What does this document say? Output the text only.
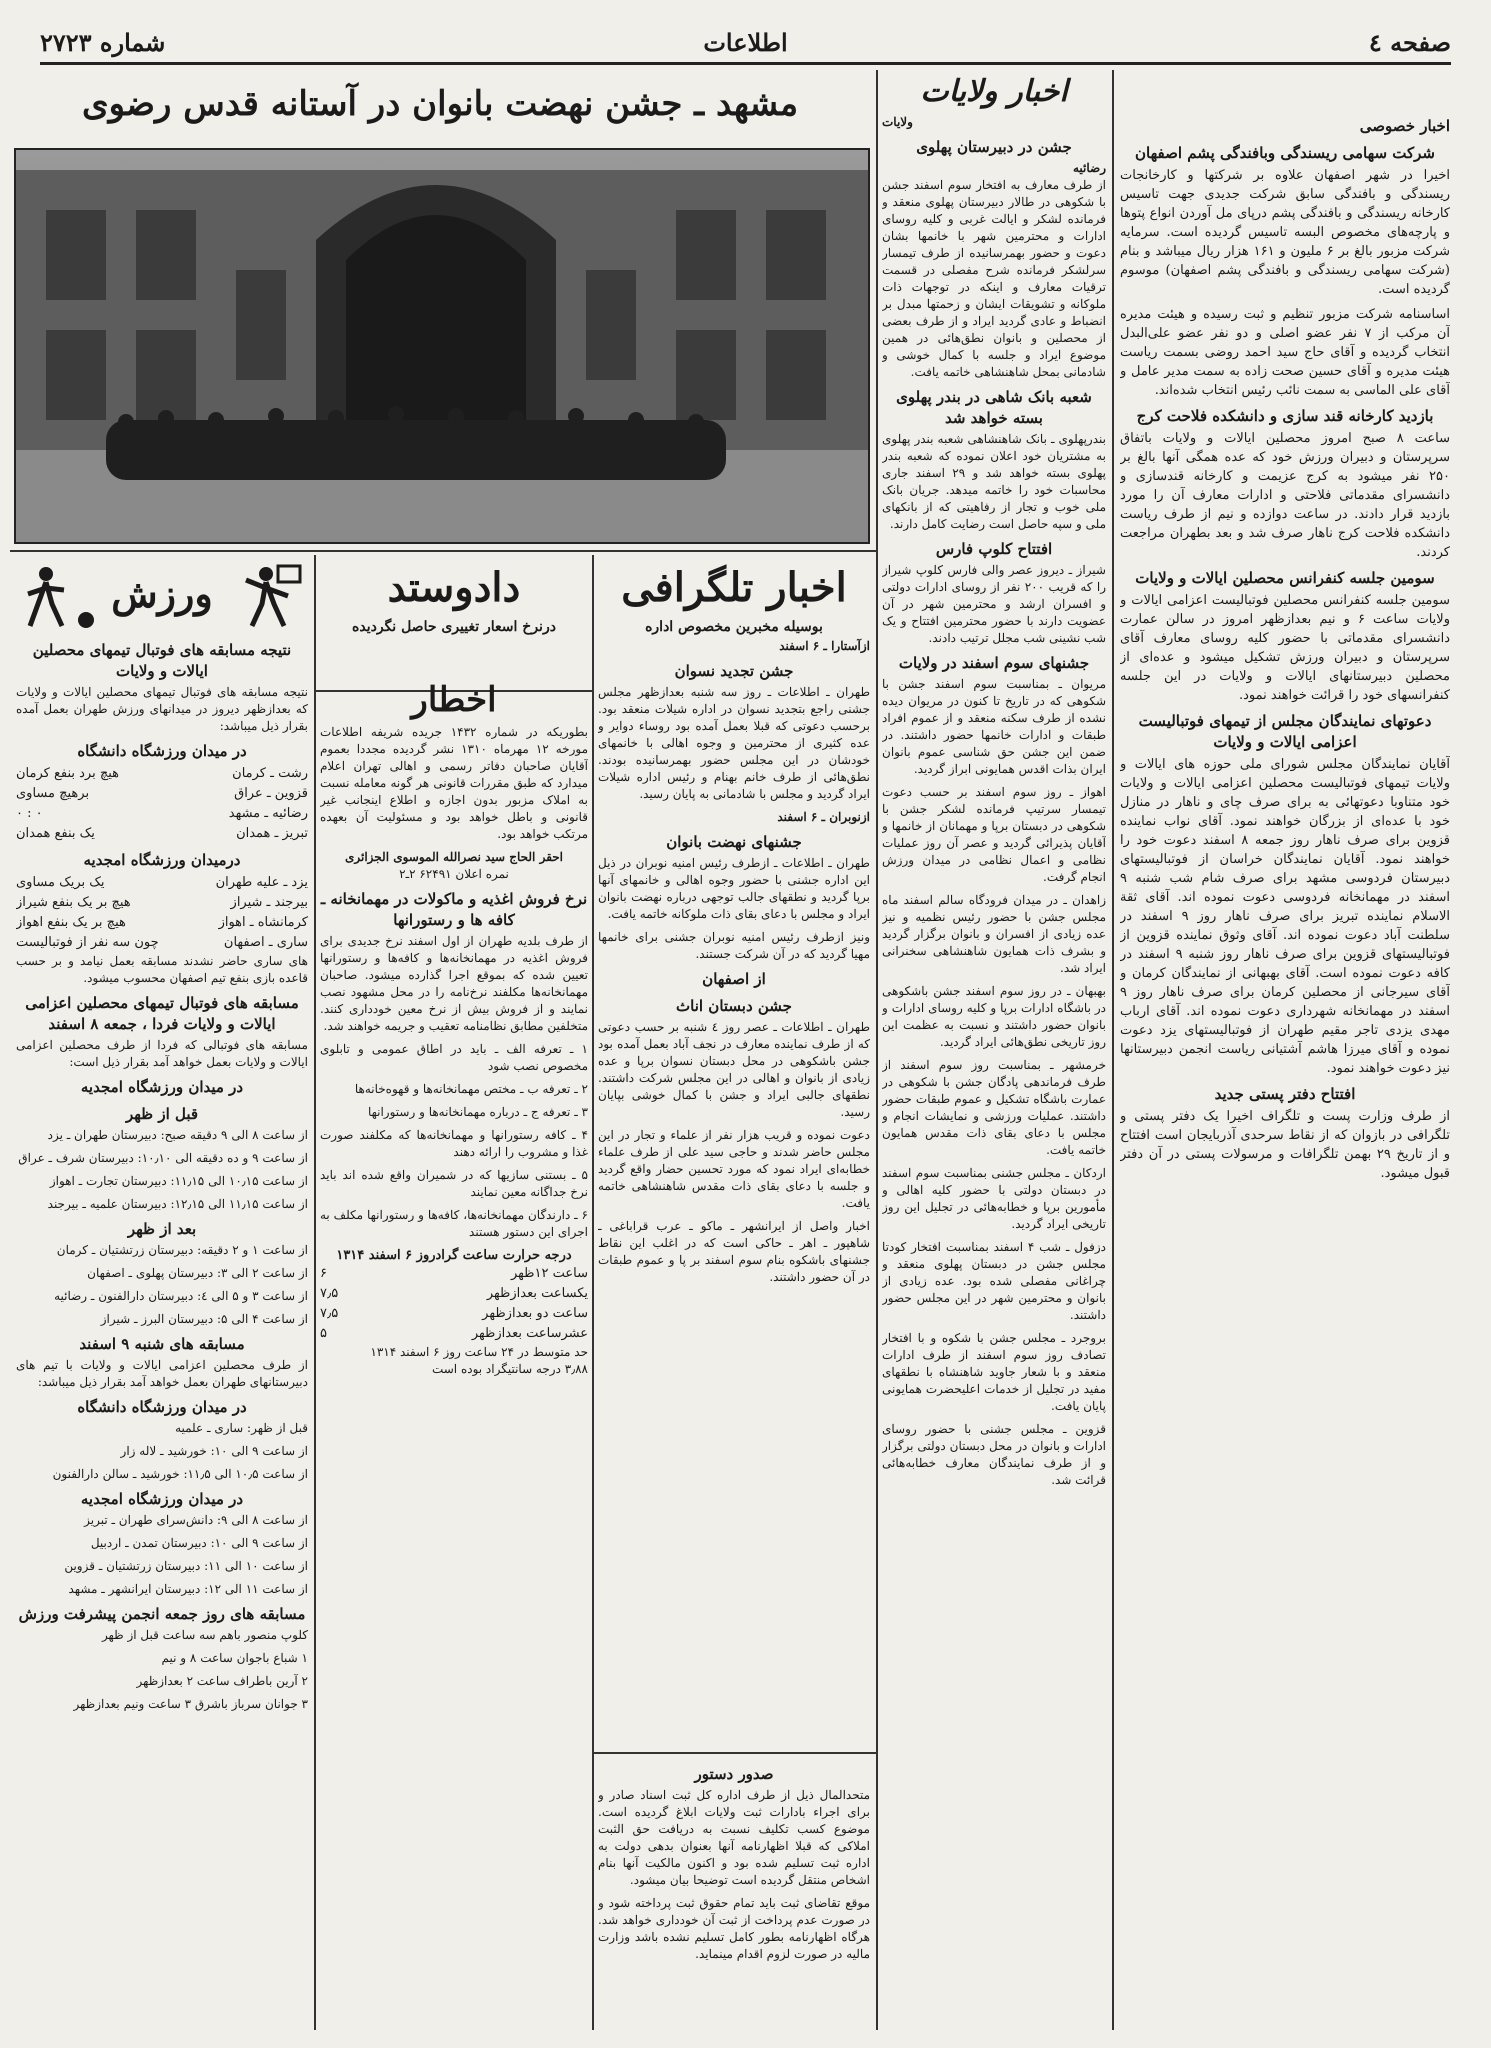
صفحه ٤
اطلاعات
شماره ۲۷۲۳
مشهد ـ جشن نهضت بانوان در آستانه قدس رضوی
اخبار خصوصی
شرکت سهامی ریسندگی وبافندگی پشم اصفهان

اخیرا در شهر اصفهان علاوه بر شرکتها و کارخانجات ریسندگی و بافندگی سابق شرکت جدیدی جهت تاسیس کارخانه ریسندگی و بافندگی پشم درپای مل آوردن انواع پتوها و پارچه‌های مخصوص البسه تاسیس گردیده است. سرمایه شرکت مزبور بالغ بر ۶ ملیون و ۱۶۱ هزار ریال میباشد و بنام (شرکت سهامی ریسندگی و بافندگی پشم اصفهان) موسوم گردیده است.

اساسنامه شرکت مزبور تنظیم و ثبت رسیده و هیئت مدیره آن مرکب از ۷ نفر عضو اصلی و دو نفر عضو علی‌البدل انتخاب گردیده و آقای حاج سید احمد روضی بسمت ریاست هیئت مدیره و آقای حسین صحت زاده به سمت مدیر عامل و آقای علی الماسی به سمت نائب رئیس انتخاب شده‌اند.

بازدید کارخانه قند سازی و دانشکده فلاحت کرج

ساعت ۸ صبح امروز محصلین ایالات و ولایات باتفاق سرپرستان و دبیران ورزش خود که عده همگی آنها بالغ بر ۲۵۰ نفر میشود به کرج عزیمت و کارخانه قندسازی و دانشسرای مقدماتی فلاحتی و ادارات معارف آن را مورد بازدید قرار دادند. در ساعت دوازده و نیم از طرف ریاست دانشکده فلاحت کرج ناهار صرف شد و بعد بطهران مراجعت کردند.

سومین جلسه کنفرانس محصلین ایالات و ولایات

سومین جلسه کنفرانس محصلین فوتبالیست اعزامی ایالات و ولایات ساعت ۶ و نیم بعدازظهر امروز در سالن عمارت دانشسرای مقدماتی با حضور کلیه روسای معارف آقای سرپرستان و دبیران ورزش تشکیل میشود و عده‌ای از محصلین دبیرستانهای ایالات و ولایات در این جلسه کنفرانسهای خود را قرائت خواهند نمود.

دعوتهای نمایندگان مجلس از تیمهای فوتبالیست اعزامی ایالات و ولایات

آقایان نمایندگان مجلس شورای ملی حوزه های ایالات و ولایات تیمهای فوتبالیست محصلین اعزامی ایالات و ولایات خود متناوبا دعوتهائی به برای صرف چای و ناهار در منازل خود با عده‌ای از بزرگان خواهند نمود. آقای نواب نماینده قزوین برای صرف ناهار روز جمعه ۸ اسفند دعوت خود را خواهند نمود. آقایان نمایندگان خراسان از فوتبالیستهای دبیرستان فردوسی مشهد برای صرف شام شب شنبه ۹ اسفند در مهمانخانه فردوسی دعوت نموده اند. آقای ثقة الاسلام نماینده تبریز برای صرف ناهار روز ۹ اسفند در سلطنت آباد دعوت نموده اند. آقای وثوق نماینده قزوین از فوتبالیستهای قزوین برای صرف ناهار روز شنبه ۹ اسفند در کافه دعوت نموده است. آقای بهبهانی از نمایندگان کرمان و آقای سیرجانی از محصلین کرمان برای صرف ناهار روز ۹ اسفند در مهمانخانه شهرداری دعوت نموده اند. آقای ارباب مهدی یزدی تاجر مقیم طهران از فوتبالیستهای یزد دعوت نموده و آقای میرزا هاشم آشتیانی ریاست انجمن دبیرستانها نیز دعوت خواهند نمود.

افتتاح دفتر پستی جدید

از طرف وزارت پست و تلگراف اخیرا یک دفتر پستی و تلگرافی در بازوان که از نقاط سرحدی آذربایجان است افتتاح و از تاریخ ۲۹ بهمن تلگرافات و مرسولات پستی در آن دفتر قبول میشود.

اخبار ولایات
ولایات
جشن در دبیرستان پهلوی
رضائیه

از طرف معارف به افتخار سوم اسفند جشن با شکوهی در طالار دبیرستان پهلوی منعقد و فرمانده لشکر و ایالت غربی و کلیه روسای ادارات و محترمین شهر با خانمها بشان دعوت و حضور بهمرسانیده از طرف تیمسار سرلشکر فرمانده شرح مفصلی در قسمت ترقیات معارف و اینکه در توجهات ذات ملوکانه و تشویقات ایشان و زحمتها مبدل بر انضباط و عادی گردید ایراد و از طرف بعضی از محصلین و بانوان نطق‌هائی در همین موضوع ایراد و جلسه با کمال خوشی و شادمانی بمحل شاهنشاهی خاتمه یافت.

شعبه بانک شاهی در بندر پهلوی بسته خواهد شد

بندرپهلوی ـ بانک شاهنشاهی شعبه بندر پهلوی به مشتریان خود اعلان نموده که شعبه بندر پهلوی بسته خواهد شد و ۲۹ اسفند جاری محاسبات خود را خاتمه میدهد. جریان بانک ملی خوب و تجار از رفاهیتی که از بانکهای ملی و سپه حاصل است رضایت کامل دارند.

افتتاح کلوپ فارس

شیراز ـ دیروز عصر والی فارس کلوپ شیراز را که قریب ۲۰۰ نفر از روسای ادارات دولتی و افسران ارشد و محترمین شهر در آن عضویت دارند با حضور محترمین افتتاح و یک شب نشینی شب مجلل ترتیب دادند.

جشنهای سوم اسفند در ولایات

مریوان ـ بمناسبت سوم اسفند جشن با شکوهی که در تاریخ تا کنون در مریوان دیده نشده از طرف سکنه منعقد و از عموم افراد طبقات و ادارات خانمها حضور داشتند. در ضمن این جشن حق شناسی عموم بانوان ایران بذات اقدس همایونی ابراز گردید.

اهواز ـ روز سوم اسفند بر حسب دعوت تیمسار سرتیپ فرمانده لشکر جشن با شکوهی در دبستان برپا و مهمانان از خانمها و آقایان پذیرائی گردید و عصر آن روز عملیات نظامی و اعمال نظامی در میدان ورزش انجام گرفت.

زاهدان ـ در میدان فرودگاه سالم اسفند ماه مجلس جشن با حضور رئیس نظمیه و نیز عده زیادی از افسران و بانوان برگزار گردید و بشرف ذات همایون شاهنشاهی سخنرانی ایراد شد.

بهبهان ـ در روز سوم اسفند جشن باشکوهی در باشگاه ادارات برپا و کلیه روسای ادارات و بانوان حضور داشتند و نسبت به عظمت این روز تاریخی نطق‌هائی ایراد گردید.

خرمشهر ـ بمناسبت روز سوم اسفند از طرف فرماندهی پادگان جشن با شکوهی در عمارت باشگاه تشکیل و عموم طبقات حضور داشتند. عملیات ورزشی و نمایشات انجام و مجلس با دعای بقای ذات مقدس همایون خاتمه یافت.

اردکان ـ مجلس جشنی بمناسبت سوم اسفند در دبستان دولتی با حضور کلیه اهالی و مأمورین برپا و خطابه‌هائی در تجلیل این روز تاریخی ایراد گردید.

دزفول ـ شب ۴ اسفند بمناسبت افتخار کودتا مجلس جشن در دبستان پهلوی منعقد و چراغانی مفصلی شده بود. عده زیادی از بانوان و محترمین شهر در این مجلس حضور داشتند.

بروجرد ـ مجلس جشن با شکوه و با افتخار تصادف روز سوم اسفند از طرف ادارات منعقد و با شعار جاوید شاهنشاه با نطقهای مفید در تجلیل از خدمات اعلیحضرت همایونی پایان یافت.

قزوین ـ مجلس جشنی با حضور روسای ادارات و بانوان در محل دبستان دولتی برگزار و از طرف نمایندگان معارف خطابه‌هائی قرائت شد.

اخبار تلگرافی
بوسیله مخبرین مخصوص اداره
ازآستارا ـ ۶ اسفند
جشن تجدید نسوان

طهران ـ اطلاعات ـ روز سه شنبه بعدازظهر مجلس جشنی راجع بتجدید نسوان در اداره شیلات منعقد بود. برحسب دعوتی که قبلا بعمل آمده بود روساء دوایر و عده کثیری از محترمین و وجوه اهالی با خانمهای خودشان در این مجلس حضور بهمرسانیده بودند. نطق‌هائی از طرف خانم بهنام و رئیس اداره شیلات ایراد گردید و مجلس با شادمانی به پایان رسید.

ازنوبران ـ ۶ اسفند
جشنهای نهضت بانوان

طهران ـ اطلاعات ـ ازطرف رئیس امنیه نوبران در ذیل این اداره جشنی با حضور وجوه اهالی و خانمهای آنها برپا گردید و نطقهای جالب توجهی درباره نهضت بانوان ایراد و مجلس با دعای بقای ذات ملوکانه خاتمه یافت.

ونیز ازطرف رئیس امنیه نوبران جشنی برای خانمها مهیا گردید که در آن شرکت جستند.

از اصفهان
جشن دبستان اناث

طهران ـ اطلاعات ـ عصر روز ٤ شنبه بر حسب دعوتی که از طرف نماینده معارف در نجف آباد بعمل آمده بود جشن باشکوهی در محل دبستان نسوان برپا و عده زیادی از بانوان و اهالی در این مجلس شرکت داشتند. نطقهای جالبی ایراد و جشن با کمال خوشی بپایان رسید.

دعوت نموده و قریب هزار نفر از علماء و تجار در این مجلس حاضر شدند و حاجی سید علی از طرف علماء خطابه‌ای ایراد نمود که مورد تحسین حضار واقع گردید و جلسه با دعای بقای ذات مقدس شاهنشاهی خاتمه یافت.

اخبار واصل از ایرانشهر ـ ماکو ـ عرب قراباغی ـ شاهپور ـ اهر ـ حاکی است که در اغلب این نقاط جشنهای باشکوه بنام سوم اسفند بر پا و عموم طبقات در آن حضور داشتند.

صدور دستور

متحدالمال ذیل از طرف اداره کل ثبت اسناد صادر و برای اجراء بادارات ثبت ولایات ابلاغ گردیده است. موضوع کسب تکلیف نسبت به دریافت حق الثبت املاکی که قبلا اظهارنامه آنها بعنوان بدهی دولت به اداره ثبت تسلیم شده بود و اکنون مالکیت آنها بنام اشخاص منتقل گردیده است توضیحا بیان میشود.

موقع تقاضای ثبت باید تمام حقوق ثبت پرداخته شود و در صورت عدم پرداخت از ثبت آن خودداری خواهد شد. هرگاه اظهارنامه بطور کامل تسلیم نشده باشد وزارت مالیه در صورت لزوم اقدام مینماید.

دادوستد
درنرخ اسعار تغییری حاصل نگردیده
اخطار

بطوریکه در شماره ۱۴۳۲ جریده شریفه اطلاعات مورخه ۱۲ مهرماه ۱۳۱۰ نشر گردیده مجددا بعموم آقایان صاحبان دفاتر رسمی و اهالی تهران اعلام میدارد که طبق مقررات قانونی هر گونه معامله نسبت به املاک مزبور بدون اجازه و اطلاع اینجانب غیر قانونی و باطل خواهد بود و مسئولیت آن بعهده مرتکب خواهد بود.

احقر الحاج سید نصرالله الموسوی الجزائری
نمره اعلان ۶۲۴۹۱ ۲ـ۲
نرخ فروش اغذیه و ماکولات در مهمانخانه ـ کافه ها و رستورانها

از طرف بلدیه طهران از اول اسفند نرخ جدیدی برای فروش اغذیه در مهمانخانه‌ها و کافه‌ها و رستورانها تعیین شده که بموقع اجرا گذارده میشود. صاحبان مهمانخانه‌ها مکلفند نرخ‌نامه را در محل مشهود نصب نمایند و از فروش بیش از نرخ معین خودداری کنند. متخلفین مطابق نظامنامه تعقیب و جریمه خواهند شد.

۱ ـ تعرفه الف ـ باید در اطاق عمومی و تابلوی مخصوص نصب شود

۲ ـ تعرفه ب ـ مختص مهمانخانه‌ها و قهوه‌خانه‌ها

۳ ـ تعرفه ج ـ درباره مهمانخانه‌ها و رستورانها

۴ ـ کافه رستورانها و مهمانخانه‌ها که مکلفند صورت غذا و مشروب را ارائه دهند

۵ ـ بستنی سازیها که در شمیران واقع شده اند باید نرخ جداگانه معین نمایند

۶ ـ دارندگان مهمانخانه‌ها، کافه‌ها و رستورانها مکلف به اجرای این دستور هستند

درجه حرارت ساعت گرادروز ۶ اسفند ۱۳۱۴
ساعت ۱۲ظهر
۶
یکساعت بعدازظهر
۷٫۵
ساعت دو بعدازظهر
۷٫۵
عشرساعت بعدازظهر
۵
حد متوسط در ۲۴ ساعت روز ۶ اسفند ۱۳۱۴
۳٫۸۸ درجه سانتیگراد بوده است
ورزش
نتیجه مسابقه های فوتبال تیمهای محصلین ایالات و ولایات

نتیجه مسابقه های فوتبال تیمهای محصلین ایالات و ولایات که بعدازظهر دیروز در میدانهای ورزش طهران بعمل آمده بقرار ذیل میباشد:

در میدان ورزشگاه دانشگاه
رشت ـ کرمان
هیچ برد بنفع کرمان
قزوین ـ عراق
برهیچ مساوی
رضائیه ـ مشهد
۰ : ۰
تبریز ـ همدان
یک بنفع همدان
درمیدان ورزشگاه امجدیه
یزد ـ علیه طهران
یک بریک مساوی
بیرجند ـ شیراز
هیچ بر یک بنفع شیراز
کرمانشاه ـ اهواز
هیچ بر یک بنفع اهواز
ساری ـ اصفهان
چون سه نفر از فوتبالیست

های ساری حاضر نشدند مسابقه بعمل نیامد و بر حسب قاعده بازی بنفع تیم اصفهان محسوب میشود.

مسابقه های فوتبال تیمهای محصلین اعزامی ایالات و ولایات فردا ، جمعه ۸ اسفند

مسابقه های فوتبالی که فردا از طرف محصلین اعزامی ایالات و ولایات بعمل خواهد آمد بقرار ذیل است:

در میدان ورزشگاه امجدیه
قبل از ظهر

از ساعت ۸ الی ۹ دقیقه صبح: دبیرستان طهران ـ یزد

از ساعت ۹ و ده دقیقه الی ۱۰٫۱۰: دبیرستان شرف ـ عراق

از ساعت ۱۰٫۱۵ الی ۱۱٫۱۵: دبیرستان تجارت ـ اهواز

از ساعت ۱۱٫۱۵ الی ۱۲٫۱۵: دبیرستان علمیه ـ بیرجند

بعد از ظهر

از ساعت ۱ و ۲ دقیقه: دبیرستان زرتشتیان ـ کرمان

از ساعت ۲ الی ۳: دبیرستان پهلوی ـ اصفهان

از ساعت ۳ و ۵ الی ٤: دبیرستان دارالفنون ـ رضائیه

از ساعت ۴ الی ۵: دبیرستان البرز ـ شیراز

مسابقه های شنبه ۹ اسفند

از طرف محصلین اعزامی ایالات و ولایات با تیم های دبیرستانهای طهران بعمل خواهد آمد بقرار ذیل میباشد:

در میدان ورزشگاه دانشگاه

قبل از ظهر: ساری ـ علمیه

از ساعت ۹ الی ۱۰: خورشید ـ لاله زار

از ساعت ۱۰٫۵ الی ۱۱٫۵: خورشید ـ سالن دارالفنون

در میدان ورزشگاه امجدیه

از ساعت ۸ الی ۹: دانش‌سرای طهران ـ تبریز

از ساعت ۹ الی ۱۰: دبیرستان تمدن ـ اردبیل

از ساعت ۱۰ الی ۱۱: دبیرستان زرتشتیان ـ قزوین

از ساعت ۱۱ الی ۱۲: دبیرستان ایرانشهر ـ مشهد

مسابقه های روز جمعه انجمن پیشرفت ورزش

کلوپ منصور باهم سه ساعت قبل از ظهر

۱ شباع باجوان ساعت ۸ و نیم

۲ آرین باطراف ساعت ۲ بعدازظهر

۳ جوانان سرباز باشرق ۳ ساعت ونیم بعدازظهر
